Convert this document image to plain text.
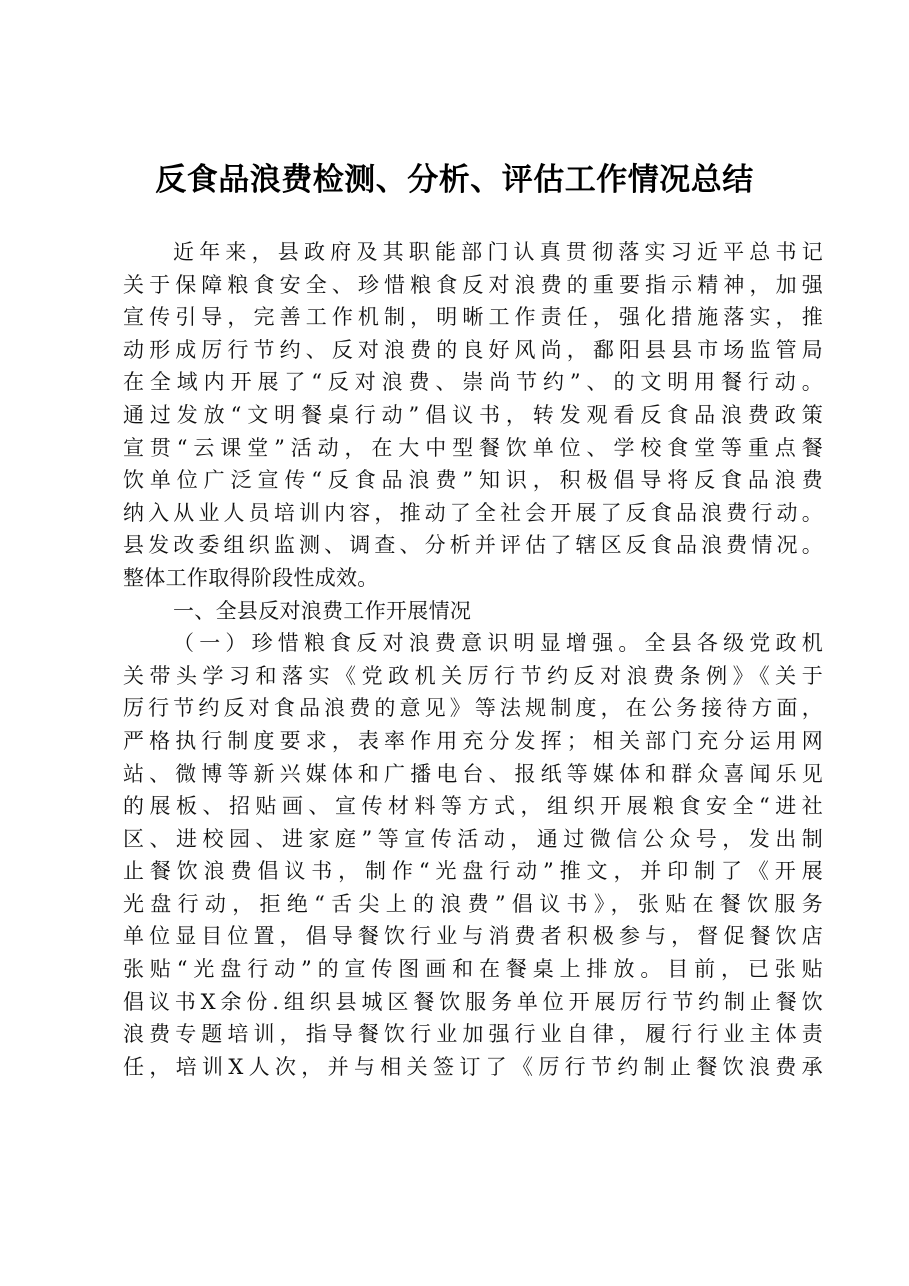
反食品浪费检测、分析、评估工作情况总结
近年来，县政府及其职能部门认真贯彻落实习近平总书记
关于保障粮食安全、珍惜粮食反对浪费的重要指示精神，加强
宣传引导，完善工作机制，明晰工作责任，强化措施落实，推
动形成厉行节约、反对浪费的良好风尚，鄱阳县县市场监管局
在全域内开展了“反对浪费、崇尚节约”、的文明用餐行动。
通过发放“文明餐桌行动”倡议书，转发观看反食品浪费政策
宣贯“云课堂”活动，在大中型餐饮单位、学校食堂等重点餐
饮单位广泛宣传“反食品浪费”知识，积极倡导将反食品浪费
纳入从业人员培训内容，推动了全社会开展了反食品浪费行动。
县发改委组织监测、调查、分析并评估了辖区反食品浪费情况。
整体工作取得阶段性成效。
一、全县反对浪费工作开展情况
（一）珍惜粮食反对浪费意识明显增强。全县各级党政机
关带头学习和落实《党政机关厉行节约反对浪费条例》《关于
厉行节约反对食品浪费的意见》等法规制度，在公务接待方面，
严格执行制度要求，表率作用充分发挥；相关部门充分运用网
站、微博等新兴媒体和广播电台、报纸等媒体和群众喜闻乐见
的展板、招贴画、宣传材料等方式，组织开展粮食安全“进社
区、进校园、进家庭”等宣传活动，通过微信公众号，发出制
止餐饮浪费倡议书，制作“光盘行动”推文，并印制了《开展
光盘行动，拒绝“舌尖上的浪费”倡议书》，张贴在餐饮服务
单位显目位置，倡导餐饮行业与消费者积极参与，督促餐饮店
张贴“光盘行动”的宣传图画和在餐桌上排放。目前，已张贴
倡议书X余份.组织县城区餐饮服务单位开展厉行节约制止餐饮
浪费专题培训，指导餐饮行业加强行业自律，履行行业主体责
任，培训X人次，并与相关签订了《厉行节约制止餐饮浪费承
